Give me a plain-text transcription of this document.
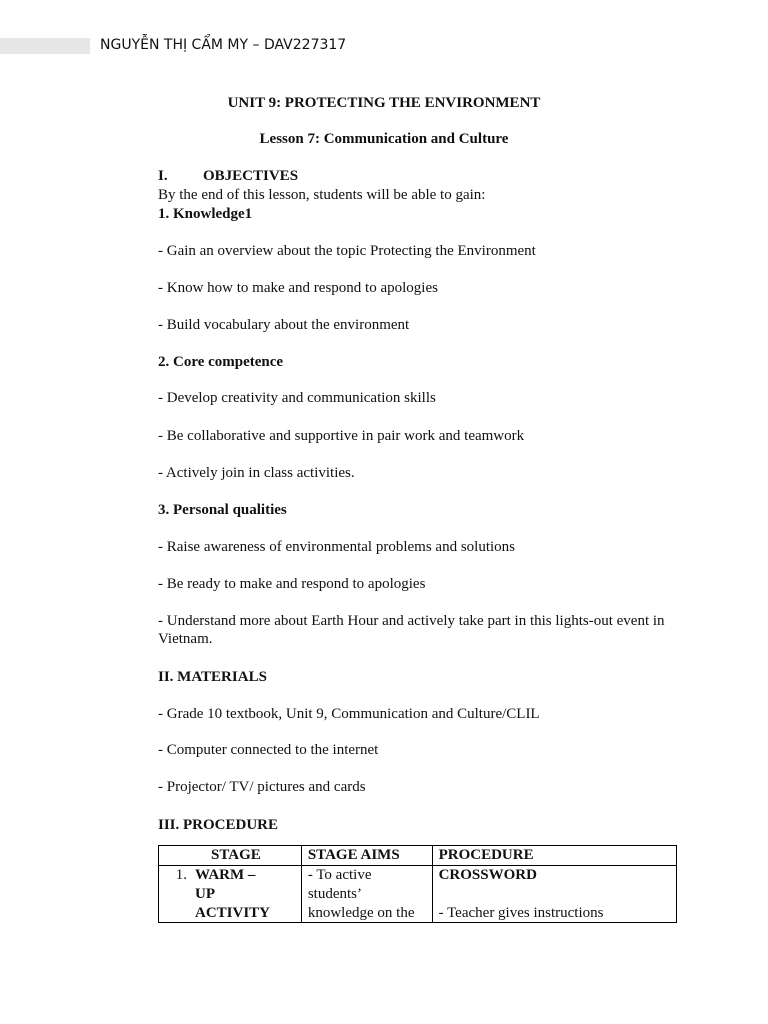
NGUYỄN THỊ CẨM MY – DAV227317
UNIT 9: PROTECTING THE ENVIRONMENT
Lesson 7: Communication and Culture
I. OBJECTIVES
By the end of this lesson, students will be able to gain:
1. Knowledge1
- Gain an overview about the topic Protecting the Environment
- Know how to make and respond to apologies
- Build vocabulary about the environment
2. Core competence
- Develop creativity and communication skills
- Be collaborative and supportive in pair work and teamwork
- Actively join in class activities.
3. Personal qualities
- Raise awareness of environmental problems and solutions
- Be ready to make and respond to apologies
- Understand more about Earth Hour and actively take part in this lights-out event in Vietnam.
II. MATERIALS
- Grade 10 textbook, Unit 9, Communication and Culture/CLIL
- Computer connected to the internet
- Projector/ TV/ pictures and cards
III. PROCEDURE
STAGE	STAGE AIMS	PROCEDURE

1. WARM – UP ACTIVITY	- To active students’ knowledge on the	CROSSWORD
- Teacher gives instructions
